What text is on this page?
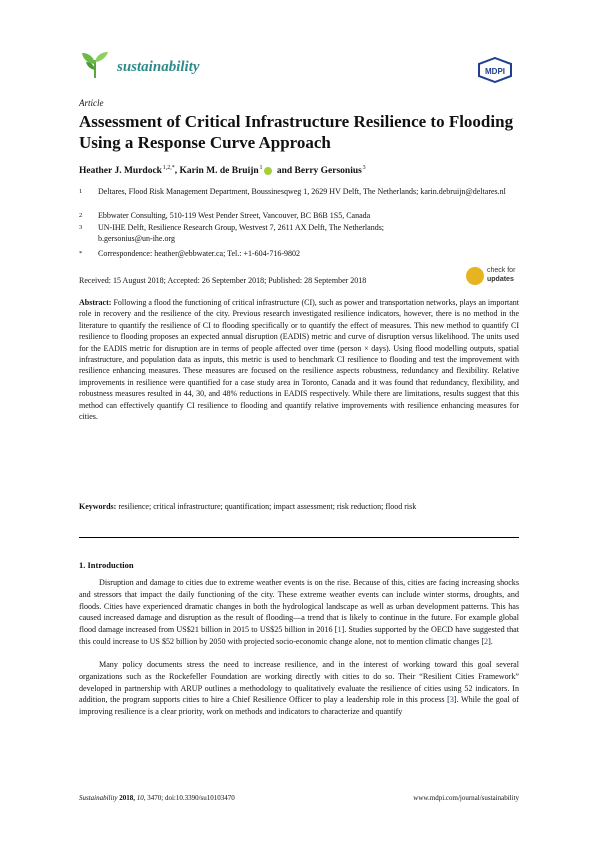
sustainability	MDPI
Article
Assessment of Critical Infrastructure Resilience to Flooding Using a Response Curve Approach
Heather J. Murdock $^{1,2,*}$, Karin M. de Bruijn $^1$ and Berry Gersonius $^3$
1	Deltares, Flood Risk Management Department, Boussinesqweg 1, 2629 HV Delft, The Netherlands; karin.debruijn@deltares.nl
2	Ebbwater Consulting, 510-119 West Pender Street, Vancouver, BC B6B 1S5, Canada
3	UN-IHE Delft, Resilience Research Group, Westvest 7, 2611 AX Delft, The Netherlands; b.gersonius@un-ihe.org
*	Correspondence: heather@ebbwater.ca; Tel.: +1-604-716-9802
Received: 15 August 2018; Accepted: 26 September 2018; Published: 28 September 2018
check for
updates
Abstract: Following a flood the functioning of critical infrastructure (CI), such as power and transportation networks, plays an important role in recovery and the resilience of the city. Previous research investigated resilience indicators, however, there is no method in the literature to quantify the resilience of CI to flooding specifically or to quantify the effect of measures. This new method to quantify CI resilience to flooding proposes an expected annual disruption (EADIS) metric and curve of disruption versus likelihood. The units used for the EADIS metric for disruption are in terms of people affected over time (person × days). Using flood modelling outputs, spatial infrastructure, and population data as inputs, this metric is used to benchmark CI resilience to flooding and test the improvement with resilience enhancing measures. These measures are focused on the resilience aspects robustness, redundancy and flexibility. Relative improvements in resilience were quantified for a case study area in Toronto, Canada and it was found that redundancy, flexibility, and robustness measures resulted in 44, 30, and 48% reductions in EADIS respectively. While there are limitations, results suggest that this method can effectively quantify CI resilience to flooding and quantify relative improvements with resilience enhancing measures for cities.
Keywords: resilience; critical infrastructure; quantification; impact assessment; risk reduction; flood risk
1. Introduction
Disruption and damage to cities due to extreme weather events is on the rise. Because of this, cities are facing increasing shocks and stressors that impact the daily functioning of the city. These extreme weather events can include winter storms, droughts, and floods. Cities have experienced dramatic changes in both the hydrological landscape as well as urban development patterns. This has caused increased damage and disruption as the result of flooding—a trend that is likely to continue in the future. For example global flood damage increased from US$21 billion in 2015 to US$25 billion in 2016 [1]. Studies supported by the OECD have suggested that this could increase to US $52 billion by 2050 with projected socio-economic change alone, not to mention climatic changes [2].
Many policy documents stress the need to increase resilience, and in the interest of working toward this goal several organizations such as the Rockefeller Foundation are working directly with cities to do so. Their “Resilient Cities Framework” developed in partnership with ARUP outlines a methodology to qualitatively evaluate the resilience of cities using 52 indicators. In addition, the program supports cities to hire a Chief Resilience Officer to play a leadership role in this process [3]. While the goal of improving resilience is a clear priority, work on methods and indicators to characterize and quantify
Sustainability 2018, 10, 3470; doi:10.3390/su10103470	www.mdpi.com/journal/sustainability
